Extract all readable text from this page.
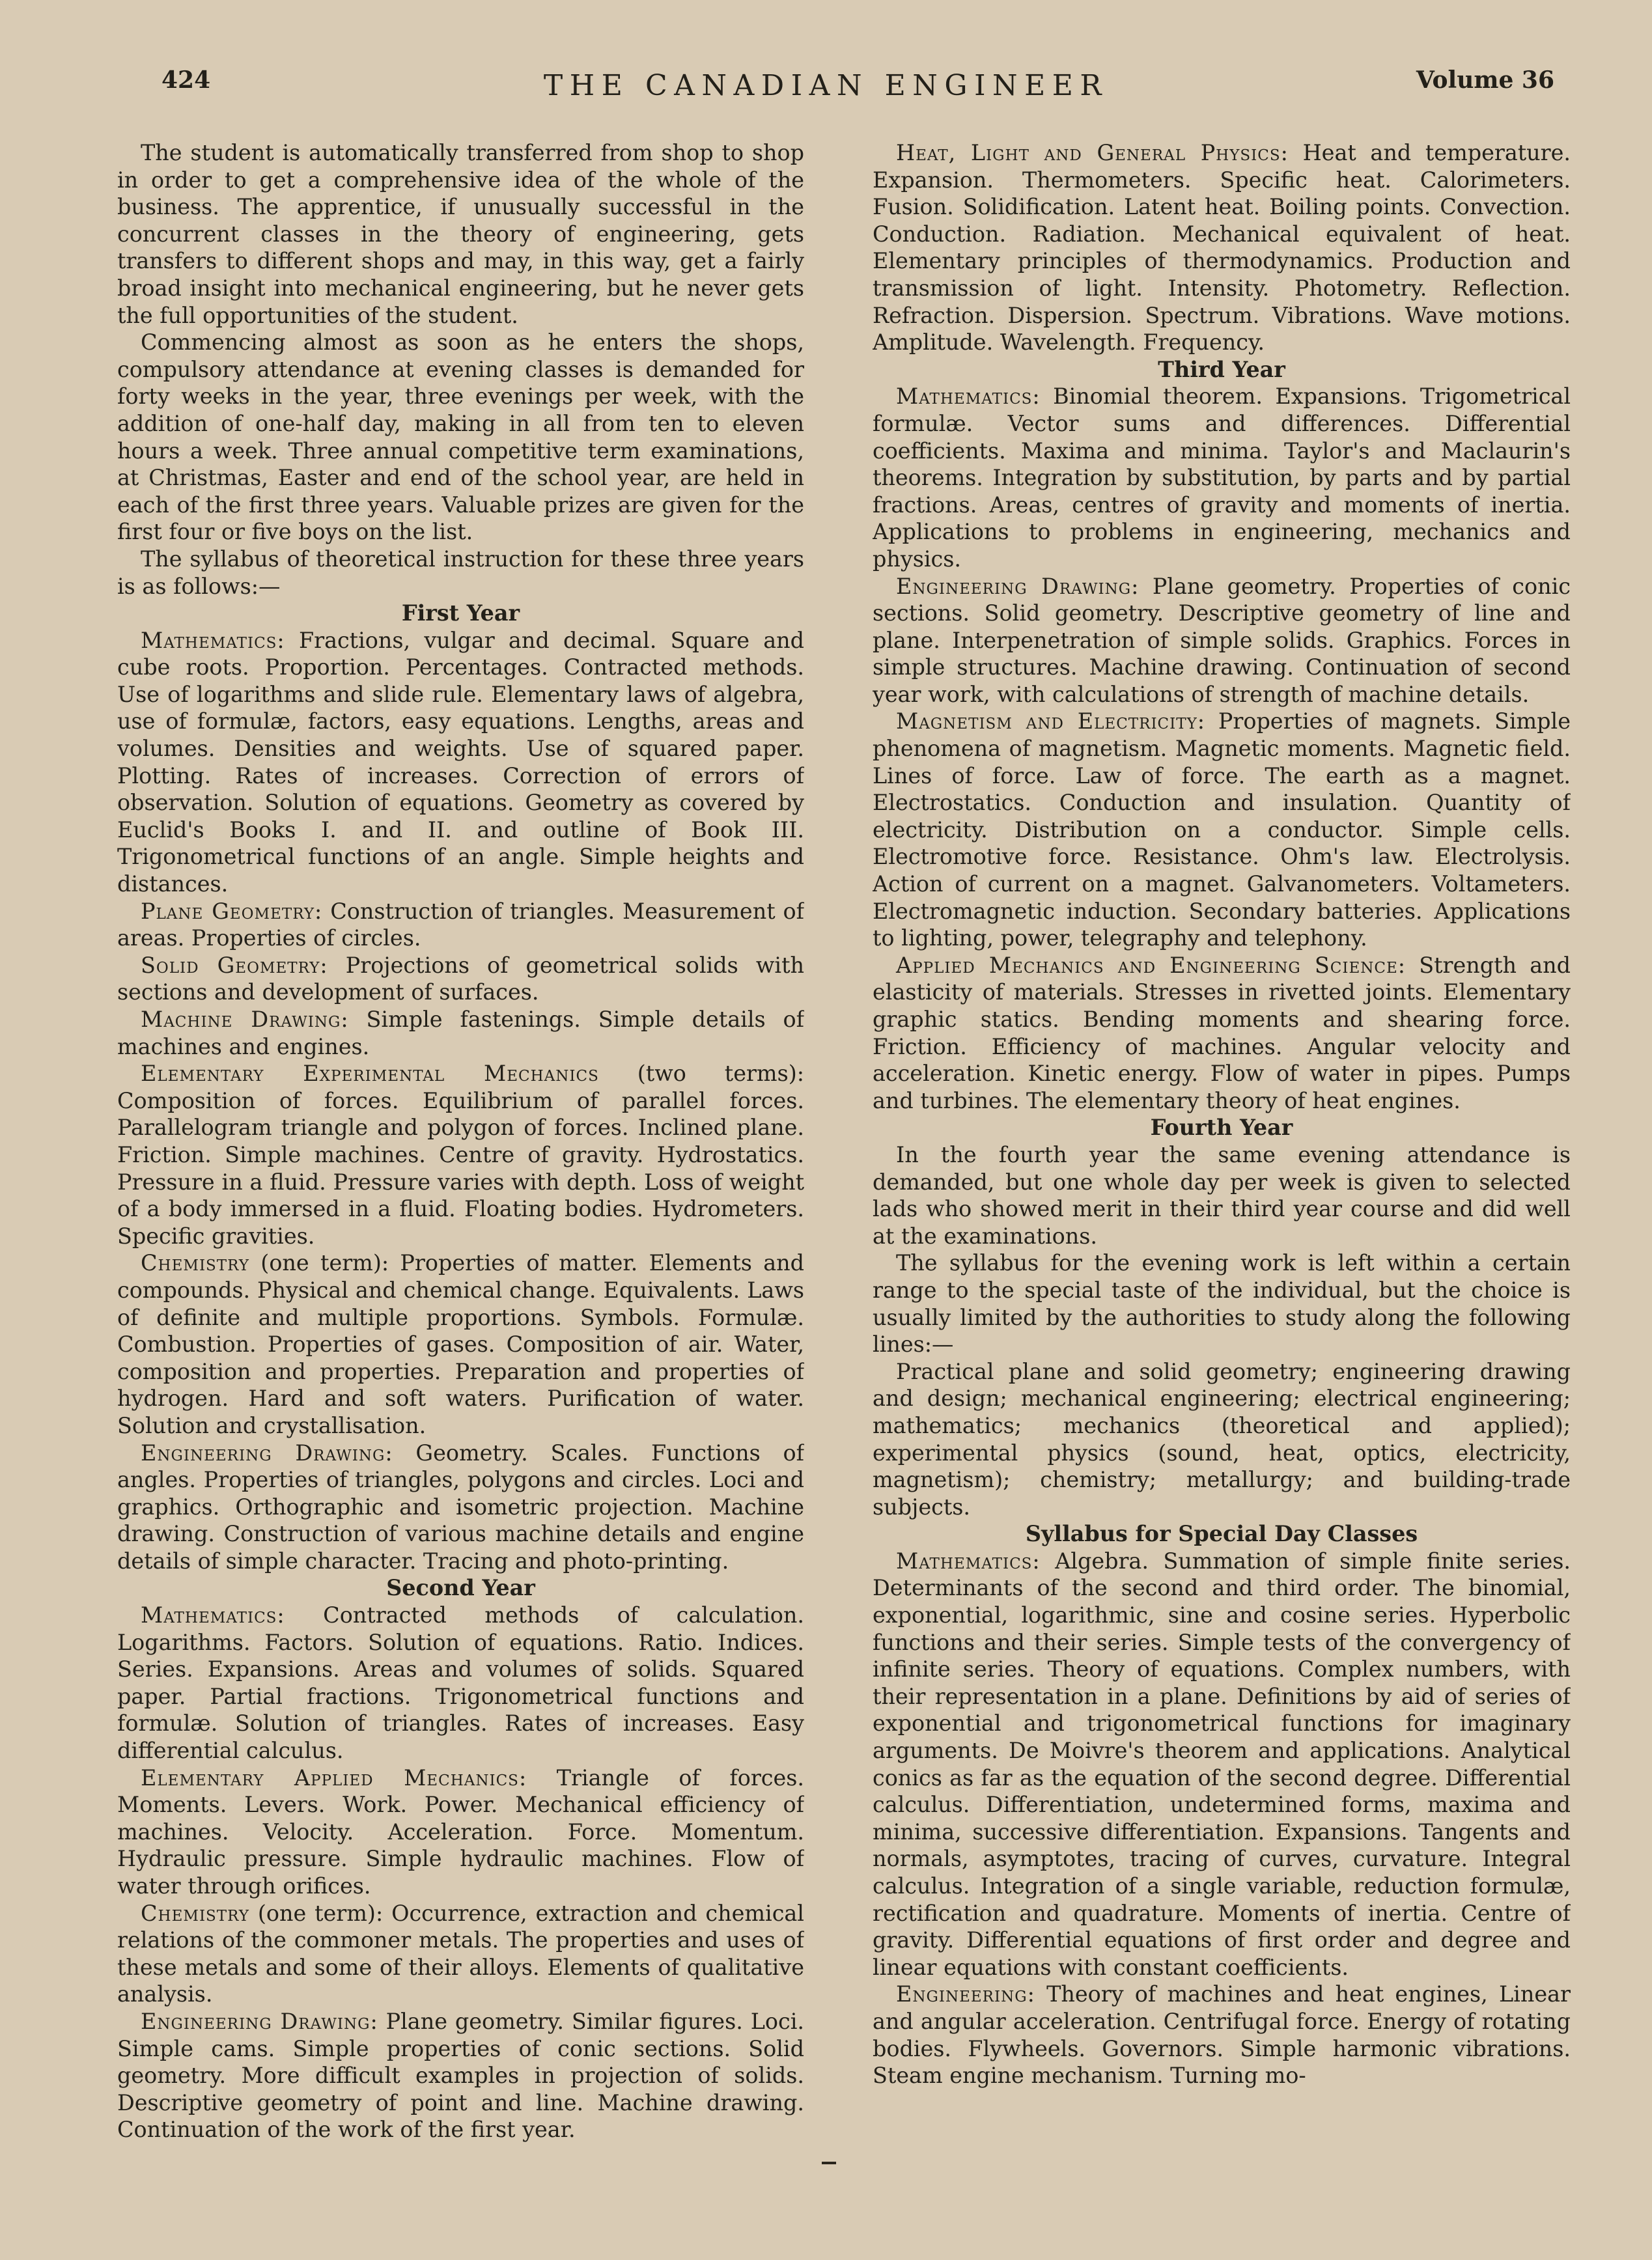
424	THE CANADIAN ENGINEER	Volume 36

The student is automatically transferred from shop to shop in order to get a comprehensive idea of the whole of the business. The apprentice, if unusually successful in the concurrent classes in the theory of engineering, gets transfers to different shops and may, in this way, get a fairly broad insight into mechanical engineering, but he never gets the full opportunities of the student.

Commencing almost as soon as he enters the shops, compulsory attendance at evening classes is demanded for forty weeks in the year, three evenings per week, with the addition of one-half day, making in all from ten to eleven hours a week. Three annual competitive term examinations, at Christmas, Easter and end of the school year, are held in each of the first three years. Valuable prizes are given for the first four or five boys on the list.

The syllabus of theoretical instruction for these three years is as follows:—

First Year

Mathematics: Fractions, vulgar and decimal. Square and cube roots. Proportion. Percentages. Contracted methods. Use of logarithms and slide rule. Elementary laws of algebra, use of formulæ, factors, easy equations. Lengths, areas and volumes. Densities and weights. Use of squared paper. Plotting. Rates of increases. Correction of errors of observation. Solution of equations. Geometry as covered by Euclid's Books I. and II. and outline of Book III. Trigonometrical functions of an angle. Simple heights and distances.

Plane Geometry: Construction of triangles. Measurement of areas. Properties of circles.

Solid Geometry: Projections of geometrical solids with sections and development of surfaces.

Machine Drawing: Simple fastenings. Simple details of machines and engines.

Elementary Experimental Mechanics (two terms): Composition of forces. Equilibrium of parallel forces. Parallelogram triangle and polygon of forces. Inclined plane. Friction. Simple machines. Centre of gravity. Hydrostatics. Pressure in a fluid. Pressure varies with depth. Loss of weight of a body immersed in a fluid. Floating bodies. Hydrometers. Specific gravities.

Chemistry (one term): Properties of matter. Elements and compounds. Physical and chemical change. Equivalents. Laws of definite and multiple proportions. Symbols. Formulæ. Combustion. Properties of gases. Composition of air. Water, composition and properties. Preparation and properties of hydrogen. Hard and soft waters. Purification of water. Solution and crystallisation.

Engineering Drawing: Geometry. Scales. Functions of angles. Properties of triangles, polygons and circles. Loci and graphics. Orthographic and isometric projection. Machine drawing. Construction of various machine details and engine details of simple character. Tracing and photo-printing.

Second Year

Mathematics: Contracted methods of calculation. Logarithms. Factors. Solution of equations. Ratio. Indices. Series. Expansions. Areas and volumes of solids. Squared paper. Partial fractions. Trigonometrical functions and formulæ. Solution of triangles. Rates of increases. Easy differential calculus.

Elementary Applied Mechanics: Triangle of forces. Moments. Levers. Work. Power. Mechanical efficiency of machines. Velocity. Acceleration. Force. Momentum. Hydraulic pressure. Simple hydraulic machines. Flow of water through orifices.

Chemistry (one term): Occurrence, extraction and chemical relations of the commoner metals. The properties and uses of these metals and some of their alloys. Elements of qualitative analysis.

Engineering Drawing: Plane geometry. Similar figures. Loci. Simple cams. Simple properties of conic sections. Solid geometry. More difficult examples in projection of solids. Descriptive geometry of point and line. Machine drawing. Continuation of the work of the first year.

Heat, Light and General Physics: Heat and temperature. Expansion. Thermometers. Specific heat. Calorimeters. Fusion. Solidification. Latent heat. Boiling points. Convection. Conduction. Radiation. Mechanical equivalent of heat. Elementary principles of thermodynamics. Production and transmission of light. Intensity. Photometry. Reflection. Refraction. Dispersion. Spectrum. Vibrations. Wave motions. Amplitude. Wavelength. Frequency.

Third Year

Mathematics: Binomial theorem. Expansions. Trigometrical formulæ. Vector sums and differences. Differential coefficients. Maxima and minima. Taylor's and Maclaurin's theorems. Integration by substitution, by parts and by partial fractions. Areas, centres of gravity and moments of inertia. Applications to problems in engineering, mechanics and physics.

Engineering Drawing: Plane geometry. Properties of conic sections. Solid geometry. Descriptive geometry of line and plane. Interpenetration of simple solids. Graphics. Forces in simple structures. Machine drawing. Continuation of second year work, with calculations of strength of machine details.

Magnetism and Electricity: Properties of magnets. Simple phenomena of magnetism. Magnetic moments. Magnetic field. Lines of force. Law of force. The earth as a magnet. Electrostatics. Conduction and insulation. Quantity of electricity. Distribution on a conductor. Simple cells. Electromotive force. Resistance. Ohm's law. Electrolysis. Action of current on a magnet. Galvanometers. Voltameters. Electromagnetic induction. Secondary batteries. Applications to lighting, power, telegraphy and telephony.

Applied Mechanics and Engineering Science: Strength and elasticity of materials. Stresses in rivetted joints. Elementary graphic statics. Bending moments and shearing force. Friction. Efficiency of machines. Angular velocity and acceleration. Kinetic energy. Flow of water in pipes. Pumps and turbines. The elementary theory of heat engines.

Fourth Year

In the fourth year the same evening attendance is demanded, but one whole day per week is given to selected lads who showed merit in their third year course and did well at the examinations.

The syllabus for the evening work is left within a certain range to the special taste of the individual, but the choice is usually limited by the authorities to study along the following lines:—

Practical plane and solid geometry; engineering drawing and design; mechanical engineering; electrical engineering; mathematics; mechanics (theoretical and applied); experimental physics (sound, heat, optics, electricity, magnetism); chemistry; metallurgy; and building-trade subjects.

Syllabus for Special Day Classes

Mathematics: Algebra. Summation of simple finite series. Determinants of the second and third order. The binomial, exponential, logarithmic, sine and cosine series. Hyperbolic functions and their series. Simple tests of the convergency of infinite series. Theory of equations. Complex numbers, with their representation in a plane. Definitions by aid of series of exponential and trigonometrical functions for imaginary arguments. De Moivre's theorem and applications. Analytical conics as far as the equation of the second degree. Differential calculus. Differentiation, undetermined forms, maxima and minima, successive differentiation. Expansions. Tangents and normals, asymptotes, tracing of curves, curvature. Integral calculus. Integration of a single variable, reduction formulæ, rectification and quadrature. Moments of inertia. Centre of gravity. Differential equations of first order and degree and linear equations with constant coefficients.

Engineering: Theory of machines and heat engines, Linear and angular acceleration. Centrifugal force. Energy of rotating bodies. Flywheels. Governors. Simple harmonic vibrations. Steam engine mechanism. Turning mo-
